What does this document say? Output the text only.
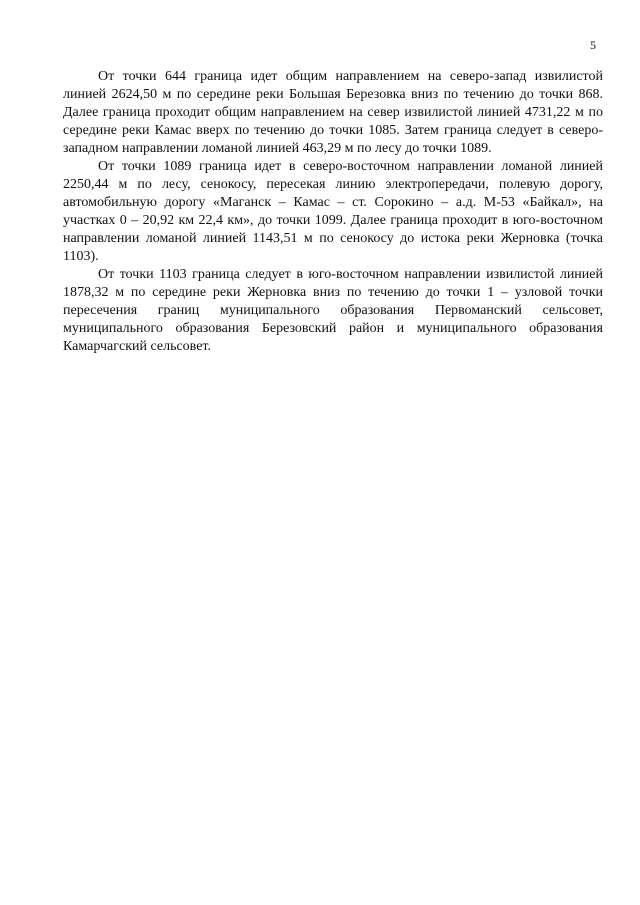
5

От точки 644 граница идет общим направлением на северо-запад извилистой линией 2624,50 м по середине реки Большая Березовка вниз по течению до точки 868. Далее граница проходит общим направлением на север извилистой линией 4731,22 м по середине реки Камас вверх по течению до точки 1085. Затем граница следует в северо-западном направлении ломаной линией 463,29 м по лесу до точки 1089.

От точки 1089 граница идет в северо-восточном направлении ломаной линией 2250,44 м по лесу, сенокосу, пересекая линию электропередачи, полевую дорогу, автомобильную дорогу «Маганск – Камас – ст. Сорокино – а.д. М-53 «Байкал», на участках 0 – 20,92 км 22,4 км», до точки 1099. Далее граница проходит в юго-восточном направлении ломаной линией 1143,51 м по сенокосу до истока реки Жерновка (точка 1103).

От точки 1103 граница следует в юго-восточном направлении извилистой линией 1878,32 м по середине реки Жерновка вниз по течению до точки 1 – узловой точки пересечения границ муниципального образования Первоманский сельсовет, муниципального образования Березовский район и муниципального образования Камарчагский сельсовет.
